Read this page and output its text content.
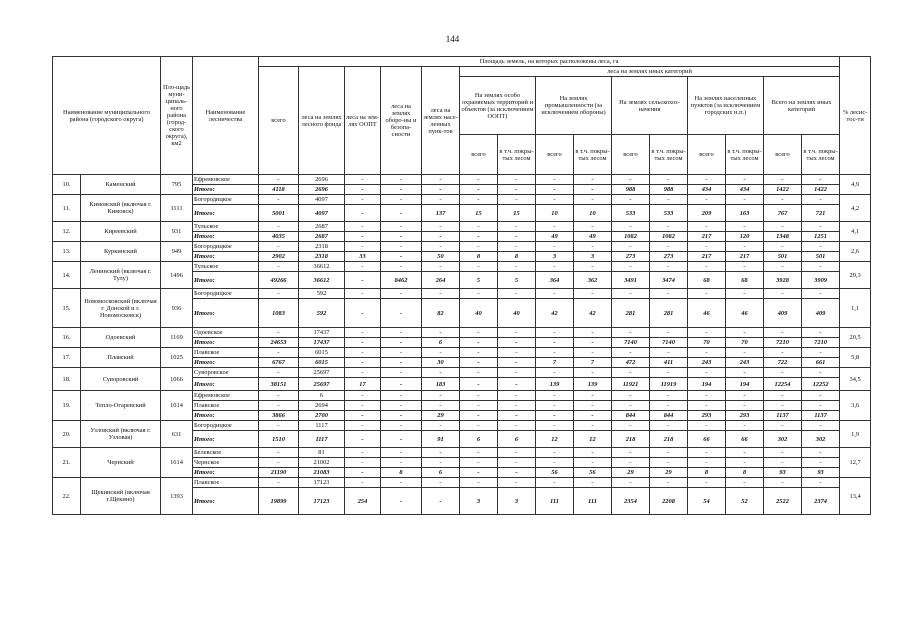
144
Наименование муниципального района (городского округа)		Пло-щадь муни-ципаль-ного района (город-ского округа), км2	Наименование лесничества	Площадь земель, на которых расположены леса, га															% лесис-тос-ти
				всего	леса на землях лесного фонда	леса на зем-лях ООПТ	леса на землях оборо-ны и безопа-сности	леса на землях насе-ленных пунк-тов	леса на землях иных категорий										
									На землях особо охраняемых территорий и объектов (за исключением ООПТ)		На землях промышленности (за исключением обороны)		На землях сельскохоз-начения		На землях населенных пунктов (за исключением городских н.п.)		Всего на землях иных категорий		
									всего	в т.ч. покры-тых лесом	всего	в т.ч. покры-тых лесом	всего	в т.ч. покры-тых лесом	всего	в т.ч. покры-тых лесом	всего	в т.ч. покры-тых лесом	

10.	Каменский	795	Ефремовское	-	2696	-	-	-	-	-	-	-	-	-	-	-	-	-	4,9
			Итого:	4118	2696	-	-	-	-	-	-	-	988	988	434	434	1422	1422	
11.	Кимовский (включая г. Кимовск)	1111	Богородицкое	-	4097	-	-	-	-	-	-	-	-	-	-	-	-	-	4,2
			Итого:	5001	4097	-	-	137	15	15	10	10	533	533	209	163	767	721	
12.	Киреевский	931	Тульское	-	2687	-	-	-	-	-	-	-	-	-	-	-	-	-	4,1
			Итого:	4035	2687	-	-	-	-	-	49	49	1082	1082	217	120	1348	1251	
13.	Куркинский	949	Богородицкое	-	2318	-	-	-	-	-	-	-	-	-	-	-	-	-	2,6
			Итого:	2902	2318	33	-	50	8	8	3	3	273	273	217	217	501	501	
14.	Ленинский (включая г. Тулу)	1496	Тульское	-	36612	-	-	-	-	-	-	-	-	-	-	-	-	-	29,3
			Итого:	49266	36612	-	8462	264	5	5	364	362	3491	3474	68	68	3928	3909	
15.	Новомосковский (включая г. Донской и г. Новомосковск)	936	Богородицкое	-	592	-	-	-	-	-	-	-	-	-	-	-	-	-	1,1
			Итого:	1083	592	-	-	82	40	40	42	42	281	281	46	46	409	409	
16.	Одоевский	1169	Одоевское	-	17437	-	-	-	-	-	-	-	-	-	-	-	-	-	20,5
			Итого:	24653	17437	-	-	6	-	-	-	-	7140	7140	70	70	7210	7210	
17.	Плавский	1025	Плавское	-	6015	-	-	-	-	-	-	-	-	-	-	-	-	-	5,8
			Итого:	6767	6015	-	-	30	-	-	7	7	472	411	243	243	722	661	
18.	Суворовский	1066	Суворовское	-	25697	-	-	-	-	-	-	-	-	-	-	-	-	-	34,5
			Итого:	38151	25697	17	-	183	-	-	139	139	11921	11919	194	194	12254	12252	
19.	Тепло-Огаревский	1014	Ефремовское	-	6	-	-	-	-	-	-	-	-	-	-	-	-	-	3,6
			Плавское	-	2694	-	-	-	-	-	-	-	-	-	-	-	-	-	
			Итого:	3866	2700	-	-	29	-	-	-	-	844	844	293	293	1137	1137	
20.	Узловский (включая г. Узловая)	631	Богородицкое	-	1117	-	-	-	-	-	-	-	-	-	-	-	-	-	1,9
			Итого:	1510	1117	-	-	91	6	6	12	12	218	218	66	66	302	302	
21.	Чернский	1614	Белевское	-	81	-	-	-	-	-	-	-	-	-	-	-	-	-	12,7
			Чернское	-	21002	-	-	-	-	-	-	-	-	-	-	-	-	-	
			Итого:	21190	21083	-	8	6	-	-	56	56	29	29	8	8	93	93	
22.	Щекинский (включая г.Щекино)	1393	Плавское	-	17123	-	-	-	-	-	-	-	-	-	-	-	-	-	13,4
			Итого:	19899	17123	254	-	-	3	3	111	111	2354	2208	54	52	2522	2374	
